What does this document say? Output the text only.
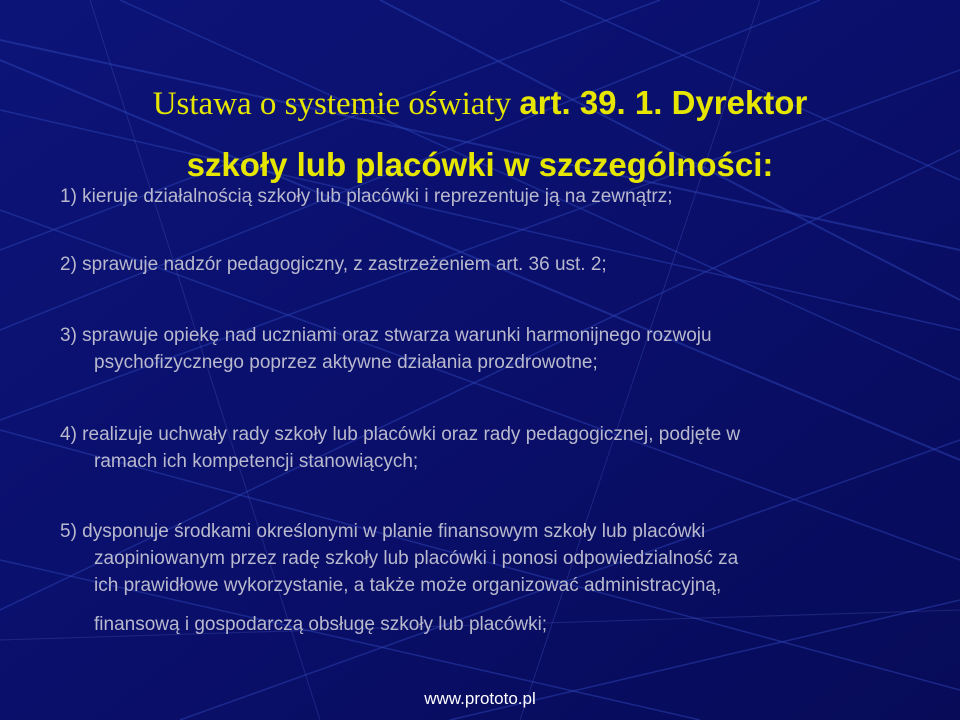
Ustawa o systemie oświaty art. 39. 1. Dyrektor
szkoły lub placówki w szczególności:
1) kieruje działalnością szkoły lub placówki i reprezentuje ją na zewnątrz;
2) sprawuje nadzór pedagogiczny, z zastrzeżeniem art. 36 ust. 2;
3) sprawuje opiekę nad uczniami oraz stwarza warunki harmonijnego rozwoju
psychofizycznego poprzez aktywne działania prozdrowotne;
4) realizuje uchwały rady szkoły lub placówki oraz rady pedagogicznej, podjęte w
ramach ich kompetencji stanowiących;
5) dysponuje środkami określonymi w planie finansowym szkoły lub placówki
zaopiniowanym przez radę szkoły lub placówki i ponosi odpowiedzialność za
ich prawidłowe wykorzystanie, a także może organizować administracyjną,
finansową i gospodarczą obsługę szkoły lub placówki;
www.prototo.pl
